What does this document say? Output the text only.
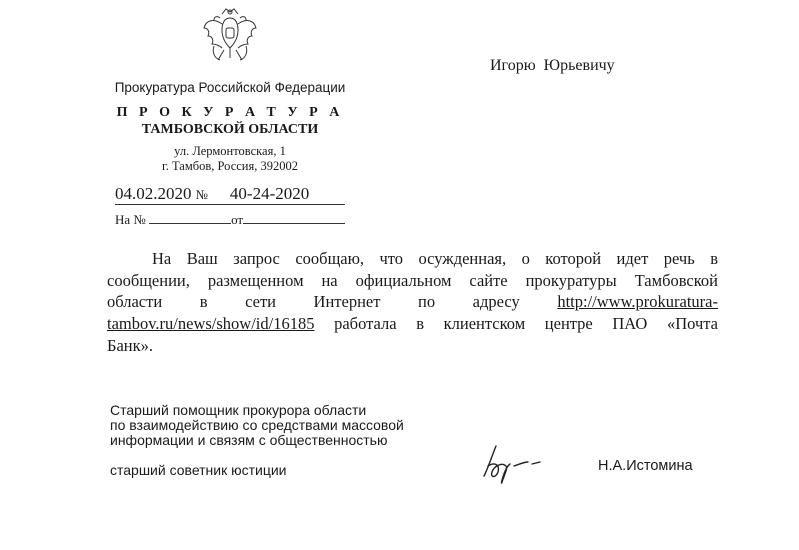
Прокуратура Российской Федерации
П Р О К У Р А Т У Р А
ТАМБОВСКОЙ ОБЛАСТИ
ул. Лермонтовская, 1
г. Тамбов, Россия, 392002
04.02.2020 № 40-24-2020
На №	от
Игорю Юрьевичу
На Ваш запрос сообщаю, что осужденная, о которой идет речь в
сообщении, размещенном на официальном сайте прокуратуры Тамбовской
области в сети Интернет по адресу http://www.prokuratura-
tambov.ru/news/show/id/16185 работала в клиентском центре ПАО «Почта
Банк».
Старший помощник прокурора области
по взаимодействию со средствами массовой
информации и связям с общественностью
старший советник юстиции	Н.А.Истомина
